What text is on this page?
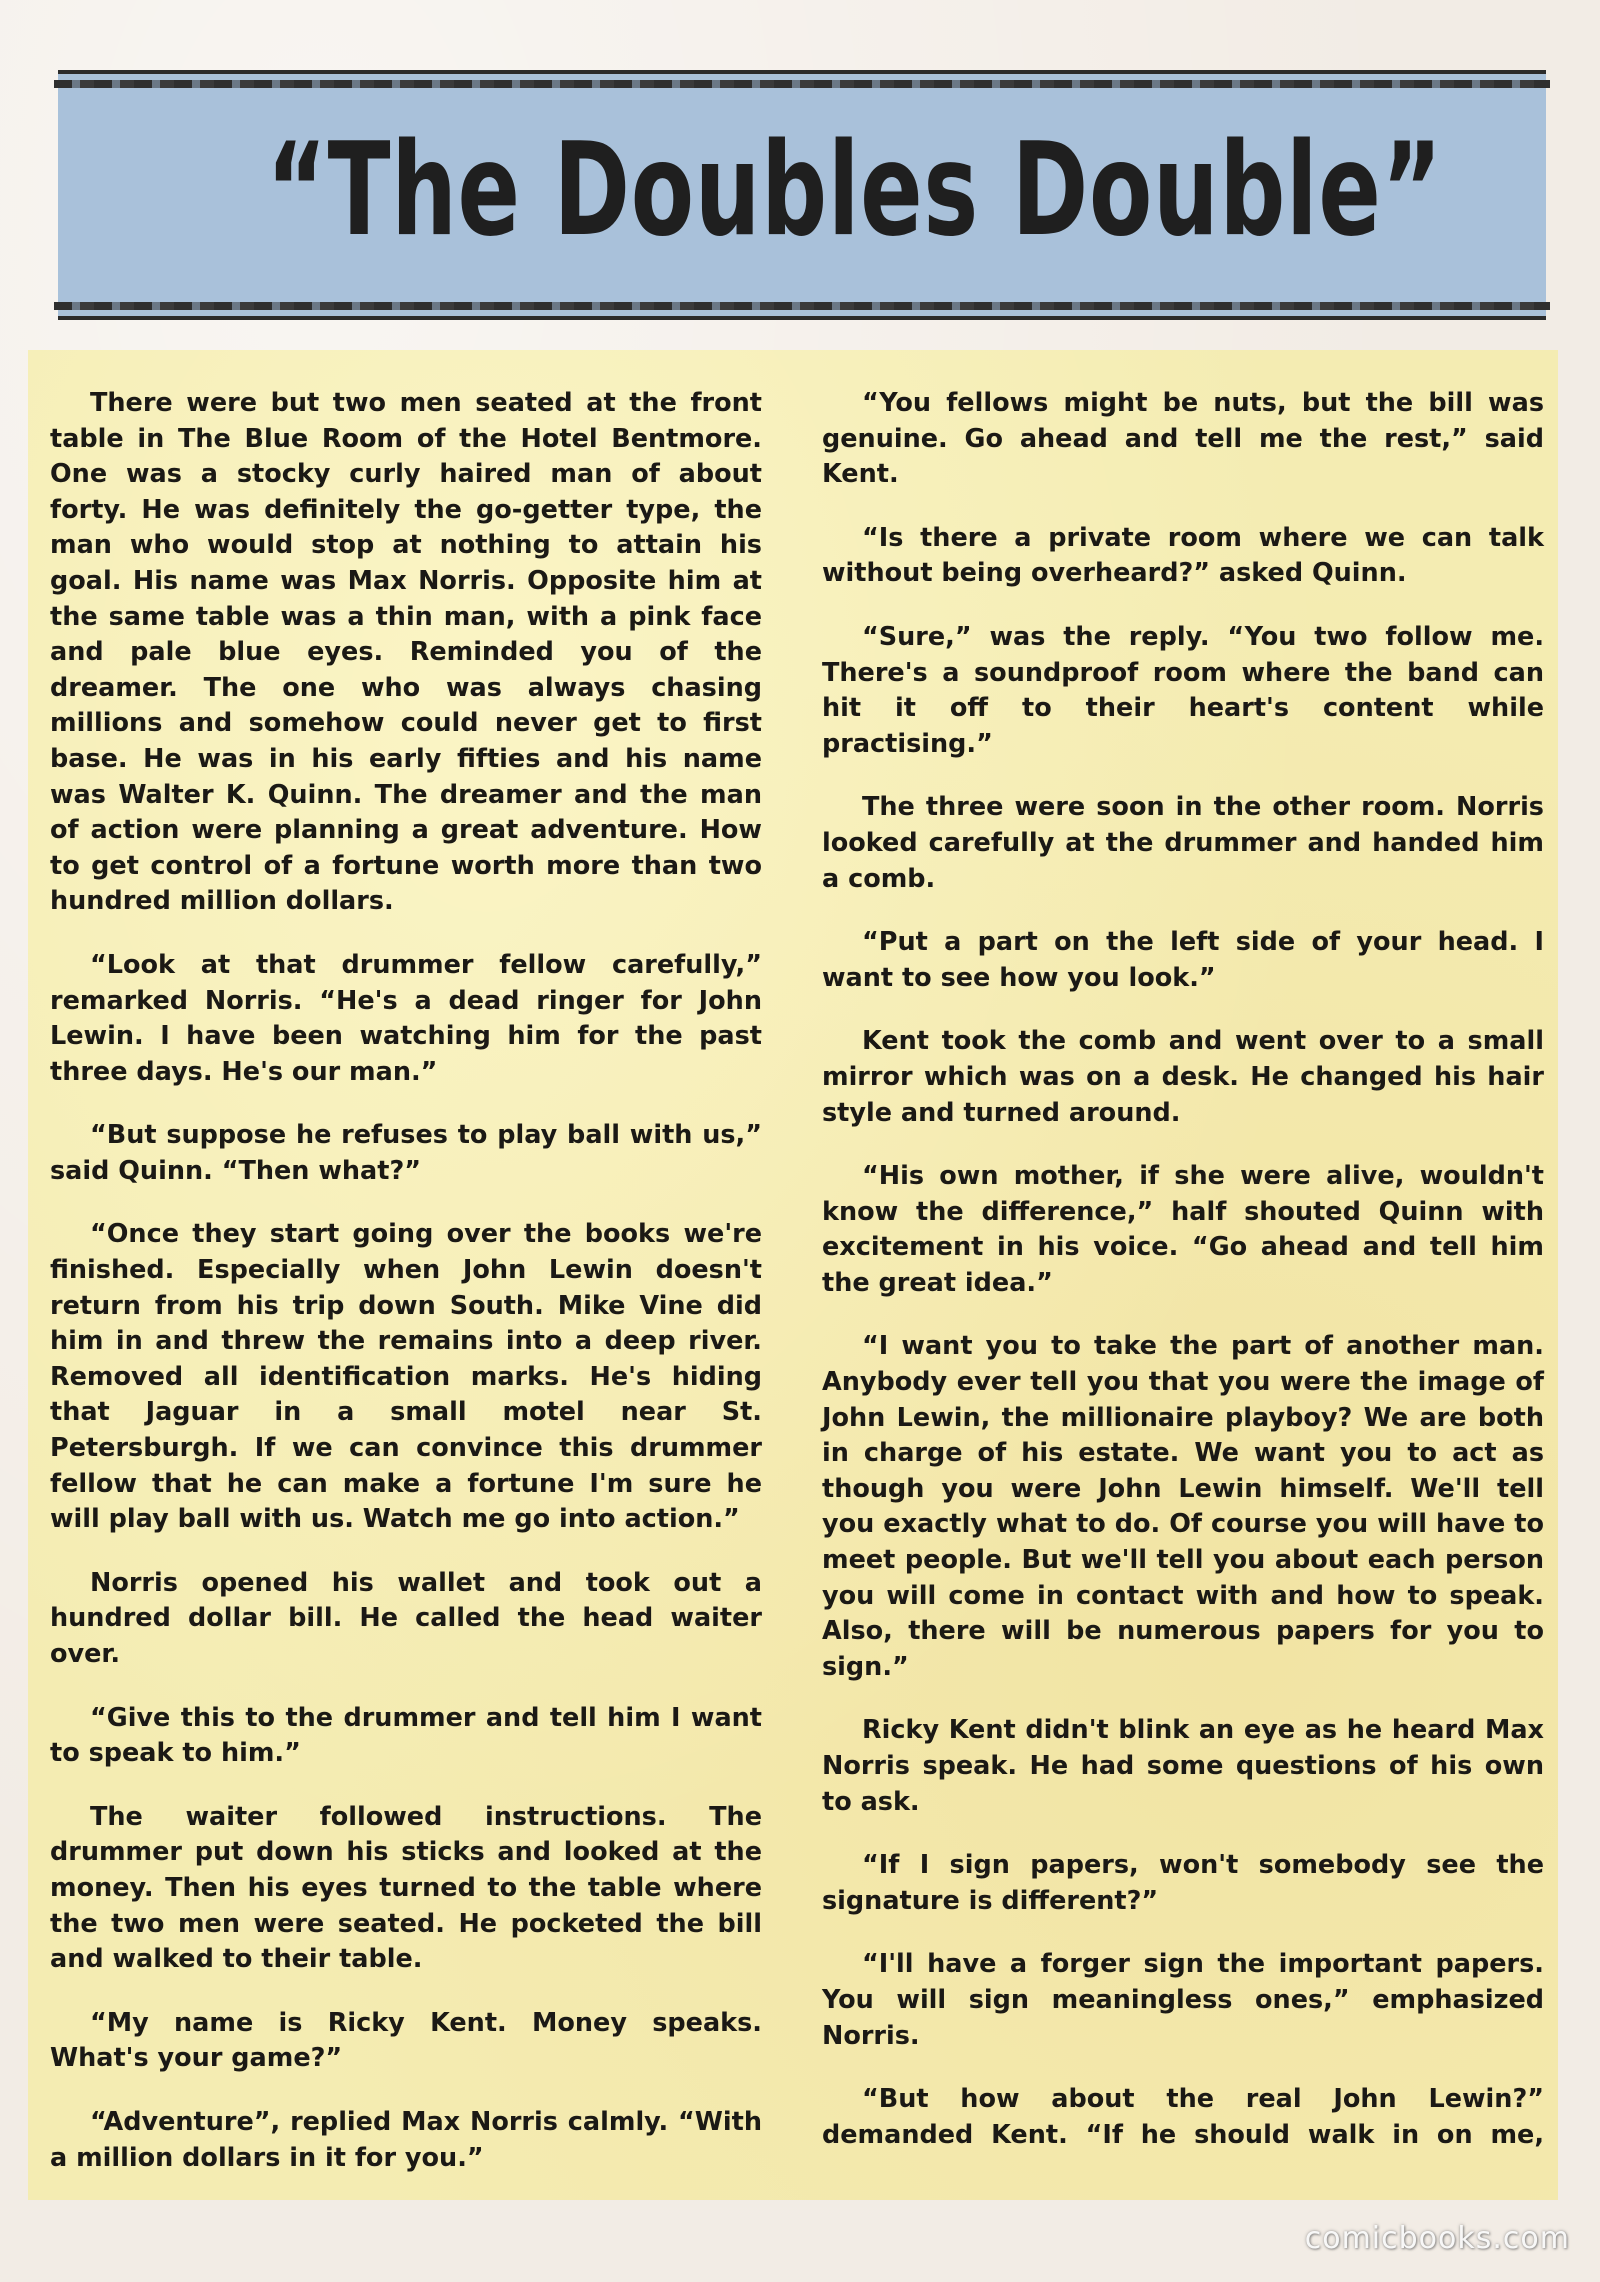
“The Doubles Double”

There were but two men seated at the front table in The Blue Room of the Hotel Bentmore. One was a stocky curly haired man of about forty. He was definitely the go-getter type, the man who would stop at nothing to attain his goal. His name was Max Norris. Opposite him at the same table was a thin man, with a pink face and pale blue eyes. Reminded you of the dreamer. The one who was always chasing millions and somehow could never get to first base. He was in his early fifties and his name was Walter K. Quinn. The dreamer and the man of action were planning a great adventure. How to get control of a fortune worth more than two hundred million dollars.

“Look at that drummer fellow carefully,” remarked Norris. “He's a dead ringer for John Lewin. I have been watching him for the past three days. He's our man.”

“But suppose he refuses to play ball with us,” said Quinn. “Then what?”

“Once they start going over the books we're finished. Especially when John Lewin doesn't return from his trip down South. Mike Vine did him in and threw the remains into a deep river. Removed all identification marks. He's hiding that Jaguar in a small motel near St. Petersburgh. If we can convince this drummer fellow that he can make a fortune I'm sure he will play ball with us. Watch me go into action.”

Norris opened his wallet and took out a hundred dollar bill. He called the head waiter over.

“Give this to the drummer and tell him I want to speak to him.”

The waiter followed instructions. The drummer put down his sticks and looked at the money. Then his eyes turned to the table where the two men were seated. He pocketed the bill and walked to their table.

“My name is Ricky Kent. Money speaks. What's your game?”

“Adventure”, replied Max Norris calmly. “With a million dollars in it for you.”

“You fellows might be nuts, but the bill was genuine. Go ahead and tell me the rest,” said Kent.

“Is there a private room where we can talk without being overheard?” asked Quinn.

“Sure,” was the reply. “You two follow me. There's a soundproof room where the band can hit it off to their heart's content while practising.”

The three were soon in the other room. Norris looked carefully at the drummer and handed him a comb.

“Put a part on the left side of your head. I want to see how you look.”

Kent took the comb and went over to a small mirror which was on a desk. He changed his hair style and turned around.

“His own mother, if she were alive, wouldn't know the difference,” half shouted Quinn with excitement in his voice. “Go ahead and tell him the great idea.”

“I want you to take the part of another man. Anybody ever tell you that you were the image of John Lewin, the millionaire playboy? We are both in charge of his estate. We want you to act as though you were John Lewin himself. We'll tell you exactly what to do. Of course you will have to meet people. But we'll tell you about each person you will come in contact with and how to speak. Also, there will be numerous papers for you to sign.”

Ricky Kent didn't blink an eye as he heard Max Norris speak. He had some questions of his own to ask.

“If I sign papers, won't somebody see the signature is different?”

“I'll have a forger sign the important papers. You will sign meaningless ones,” emphasized Norris.

“But how about the real John Lewin?” demanded Kent. “If he should walk in on me,

comicbooks.com
